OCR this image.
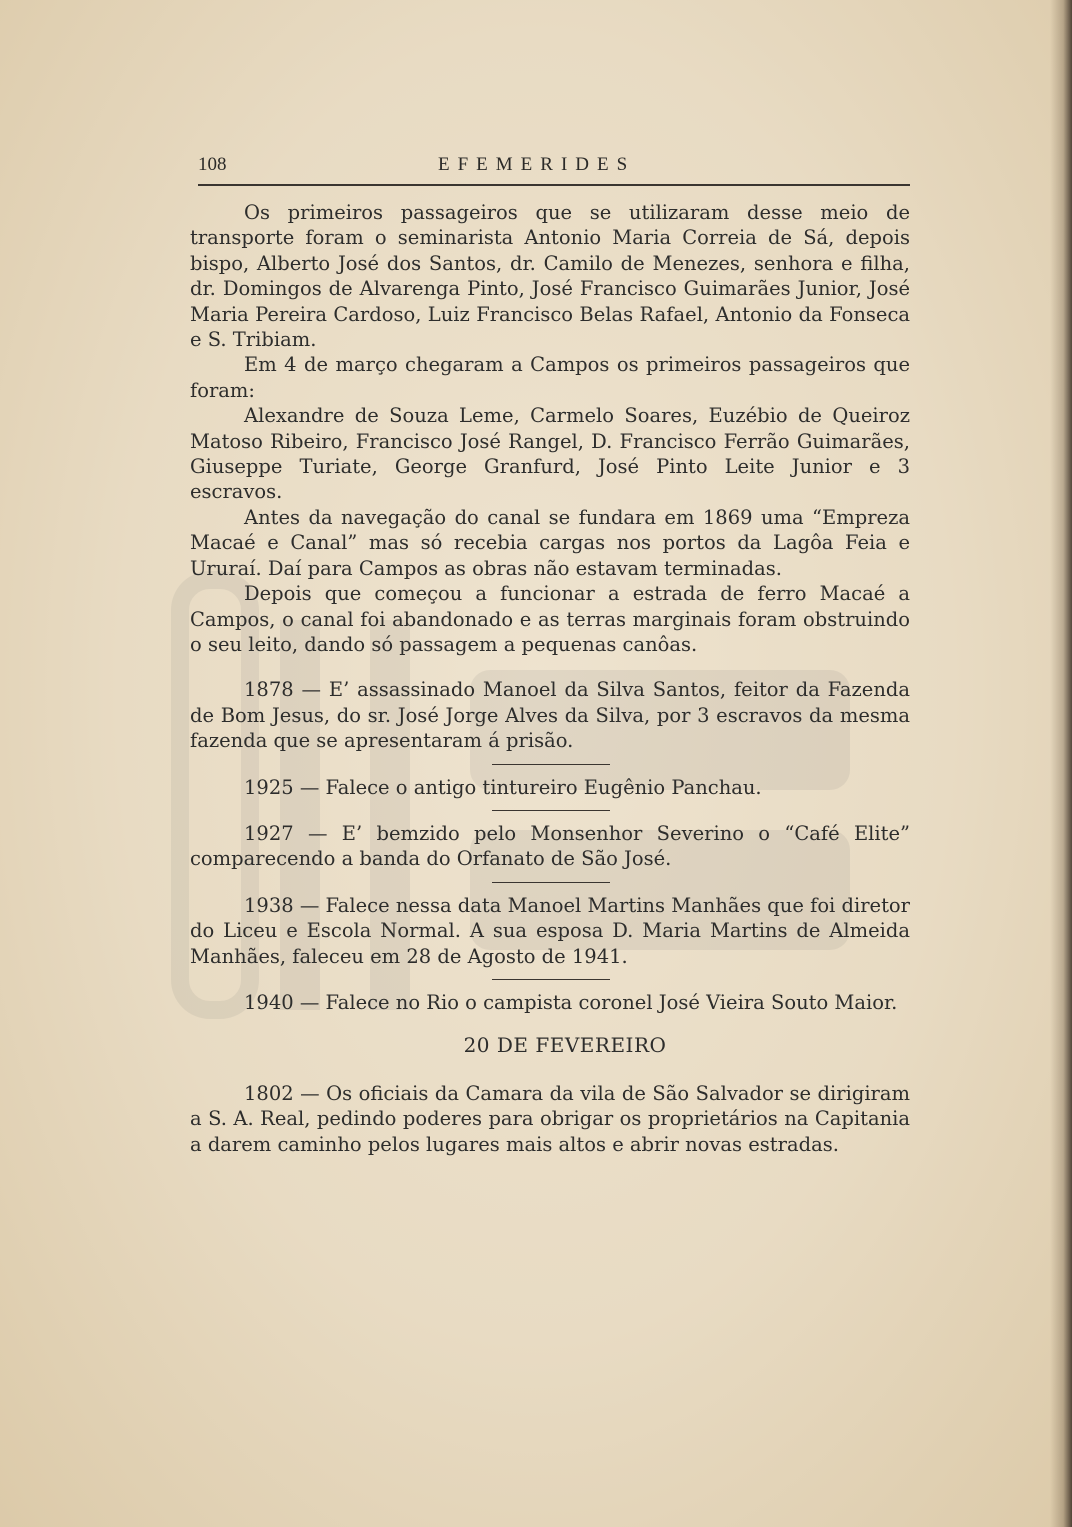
108	EFEMERIDES

Os primeiros passageiros que se utilizaram desse meio de transporte foram o seminarista Antonio Maria Correia de Sá, depois bispo, Alberto José dos Santos, dr. Camilo de Menezes, senhora e filha, dr. Domingos de Alvarenga Pinto, José Francisco Guimarães Junior, José Maria Pereira Cardoso, Luiz Francisco Belas Rafael, Antonio da Fonseca e S. Tribiam.

Em 4 de março chegaram a Campos os primeiros passageiros que foram:

Alexandre de Souza Leme, Carmelo Soares, Euzébio de Queiroz Matoso Ribeiro, Francisco José Rangel, D. Francisco Ferrão Guimarães, Giuseppe Turiate, George Granfurd, José Pinto Leite Junior e 3 escravos.

Antes da navegação do canal se fundara em 1869 uma “Empreza Macaé e Canal” mas só recebia cargas nos portos da Lagôa Feia e Ururaí. Daí para Campos as obras não estavam terminadas.

Depois que começou a funcionar a estrada de ferro Macaé a Campos, o canal foi abandonado e as terras marginais foram obstruindo o seu leito, dando só passagem a pequenas canôas.

1878 — E’ assassinado Manoel da Silva Santos, feitor da Fazenda de Bom Jesus, do sr. José Jorge Alves da Silva, por 3 escravos da mesma fazenda que se apresentaram á prisão.

1925 — Falece o antigo tintureiro Eugênio Panchau.

1927 — E’ bemzido pelo Monsenhor Severino o “Café Elite” comparecendo a banda do Orfanato de São José.

1938 — Falece nessa data Manoel Martins Manhães que foi diretor do Liceu e Escola Normal. A sua esposa D. Maria Martins de Almeida Manhães, faleceu em 28 de Agosto de 1941.

1940 — Falece no Rio o campista coronel José Vieira Souto Maior.

20 DE FEVEREIRO

1802 — Os oficiais da Camara da vila de São Salvador se dirigiram a S. A. Real, pedindo poderes para obrigar os proprietários na Capitania a darem caminho pelos lugares mais altos e abrir novas estradas.
